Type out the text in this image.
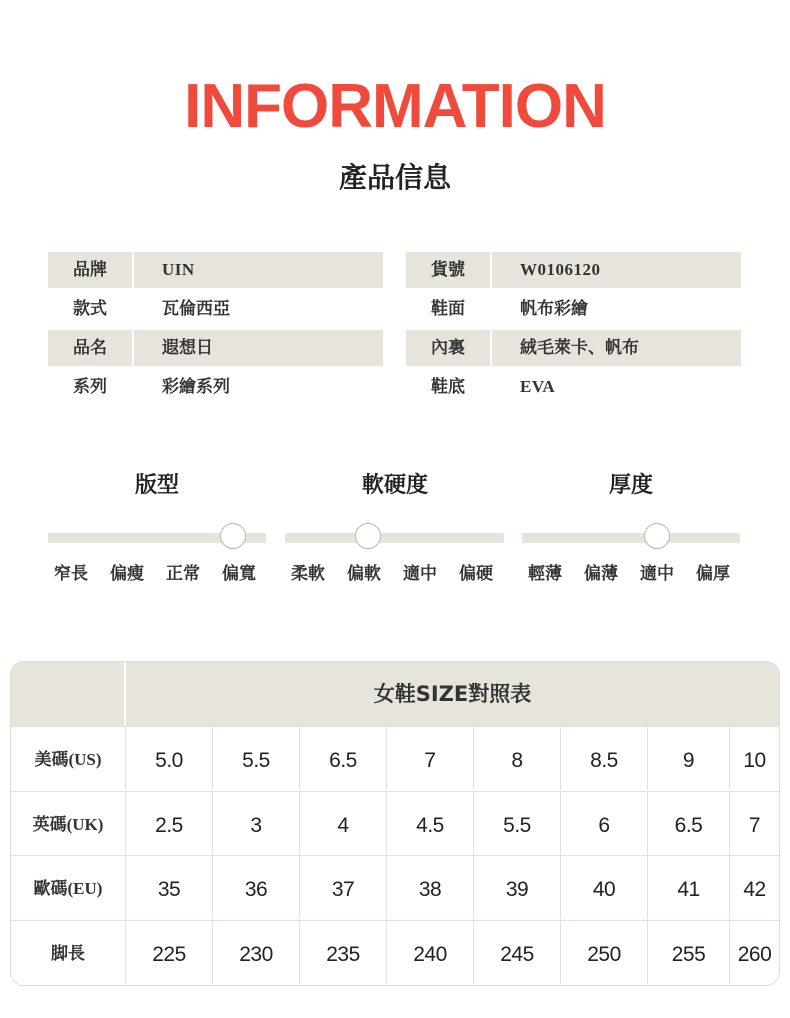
INFORMATION
產品信息
品牌	UIN	貨號	W0106120
款式	瓦倫西亞	鞋面	帆布彩繪
品名	遐想日	內裏	絨毛萊卡、帆布
系列	彩繪系列	鞋底	EVA
版型
窄長	偏瘦	正常	偏寬
軟硬度
柔軟	偏軟	適中	偏硬
厚度
輕薄	偏薄	適中	偏厚
女鞋SIZE對照表
美碼(US)	5.0	5.5	6.5	7	8	8.5	9	10
英碼(UK)	2.5	3	4	4.5	5.5	6	6.5	7
歐碼(EU)	35	36	37	38	39	40	41	42
脚長	225	230	235	240	245	250	255	260
